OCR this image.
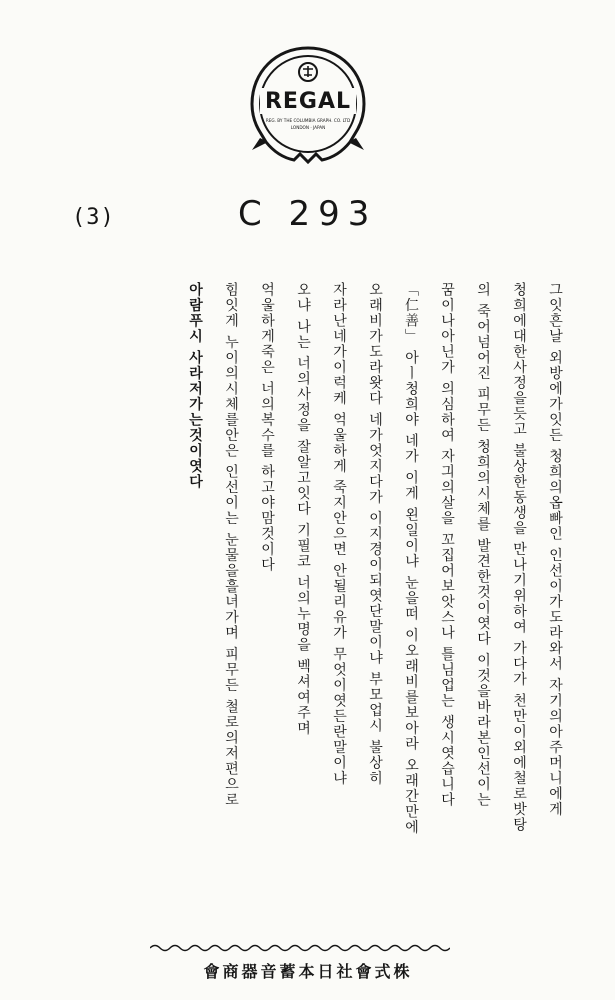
REGAL
REG. BY THE COLUMBIA GRAPH. CO. LTD
LONDON · JAPAN
(3)	C 293
그잇흔날 외방에가잇든 청희의옵빠인 인선이가도라와서 자기의아주머니에게
청희에대한사정을듯고 불상한동생을 만나기위하여 가다가 천만이외에철로밧탕
의 죽어넘어진 피무든 청희의시체를 발견한것이엿다 이것을바라본인선이는
꿈이나아닌가 의심하여 자긔의살을 꼬집어보앗스나 틀님업는 생시엿습니다
「仁善」 아ㅣ청희야 네가 이게 왼일이냐 눈을떠 이오래비를보아라 오래간만에
오래비가도라왓다 네가엇지다가 이지경이되엿단말이냐 부모업시 불상히
자라난네가이럭케 억울하게 죽지안으면 안될리유가 무엇이엿든란말이냐
오냐 나는 너의사정을 잘알고잇다 기필코 너의누명을 벡셔여주며
억울하게죽은 너의복수를 하고야맘것이다
힘잇게 누이의시체를안은 인선이는 눈물을흘녀가며 피무든 철로의저편으로
아람푸시 사라저가는것이엿다
會商器音蓄本日社會式株
